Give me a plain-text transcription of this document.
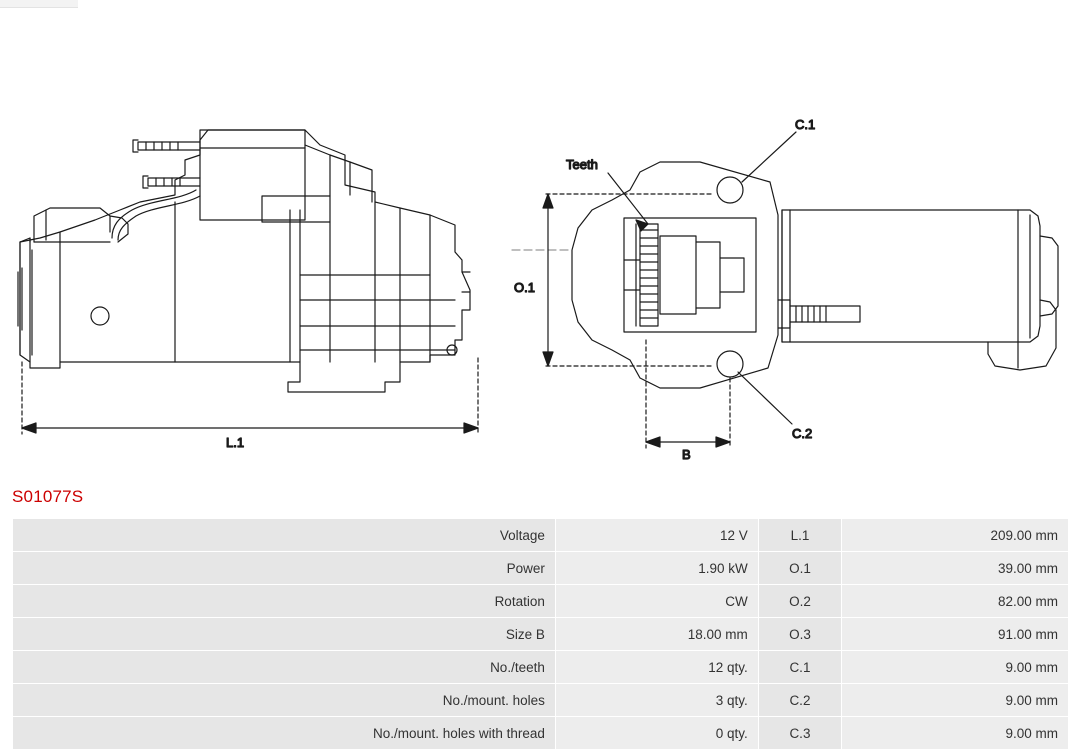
L.1
O.1
B
Teeth
C.1
C.2
S01077S
Voltage	12 V	L.1	209.00 mm
Power	1.90 kW	O.1	39.00 mm
Rotation	CW	O.2	82.00 mm
Size B	18.00 mm	O.3	91.00 mm
No./teeth	12 qty.	C.1	9.00 mm
No./mount. holes	3 qty.	C.2	9.00 mm
No./mount. holes with thread	0 qty.	C.3	9.00 mm
